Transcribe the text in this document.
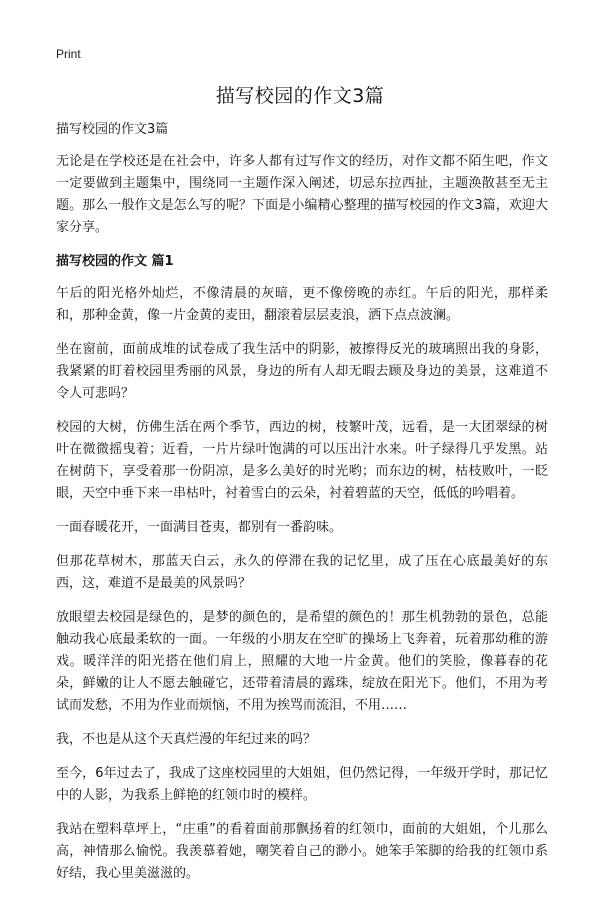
Print
描写校园的作文3篇

描写校园的作文3篇

无论是在学校还是在社会中，许多人都有过写作文的经历，对作文都不陌生吧，作文一定要做到主题集中，围绕同一主题作深入阐述，切忌东拉西扯，主题涣散甚至无主题。那么一般作文是怎么写的呢？下面是小编精心整理的描写校园的作文3篇，欢迎大家分享。

描写校园的作文 篇1

午后的阳光格外灿烂，不像清晨的灰暗，更不像傍晚的赤红。午后的阳光，那样柔和，那种金黄，像一片金黄的麦田，翻滚着层层麦浪，洒下点点波澜。

坐在窗前，面前成堆的试卷成了我生活中的阴影，被擦得反光的玻璃照出我的身影，我紧紧的盯着校园里秀丽的风景，身边的所有人却无暇去顾及身边的美景，这难道不令人可悲吗？

校园的大树，仿佛生活在两个季节，西边的树，枝繁叶茂，远看，是一大团翠绿的树叶在微微摇曳着；近看，一片片绿叶饱满的可以压出汁水来。叶子绿得几乎发黑。站在树荫下，享受着那一份阴凉，是多么美好的时光哟；而东边的树，枯枝败叶，一眨眼，天空中垂下来一串枯叶，衬着雪白的云朵，衬着碧蓝的天空，低低的吟唱着。

一面春暖花开，一面满目苍夷，都别有一番韵味。

但那花草树木，那蓝天白云，永久的停滞在我的记忆里，成了压在心底最美好的东西，这，难道不是最美的风景吗？

放眼望去校园是绿色的，是梦的颜色的，是希望的颜色的！那生机勃勃的景色，总能触动我心底最柔软的一面。一年级的小朋友在空旷的操场上飞奔着，玩着那幼稚的游戏。暖洋洋的阳光搭在他们肩上，照耀的大地一片金黄。他们的笑脸，像暮春的花朵，鲜嫩的让人不愿去触碰它，还带着清晨的露珠，绽放在阳光下。他们，不用为考试而发愁，不用为作业而烦恼，不用为挨骂而流泪，不用……

我，不也是从这个天真烂漫的年纪过来的吗？

至今，6年过去了，我成了这座校园里的大姐姐，但仍然记得，一年级开学时，那记忆中的人影，为我系上鲜艳的红领巾时的模样。

我站在塑料草坪上，“庄重”的看着面前那飘扬着的红领巾，面前的大姐姐，个儿那么高，神情那么愉悦。我羡慕着她，嘲笑着自己的渺小。她笨手笨脚的给我的红领巾系好结，我心里美滋滋的。
